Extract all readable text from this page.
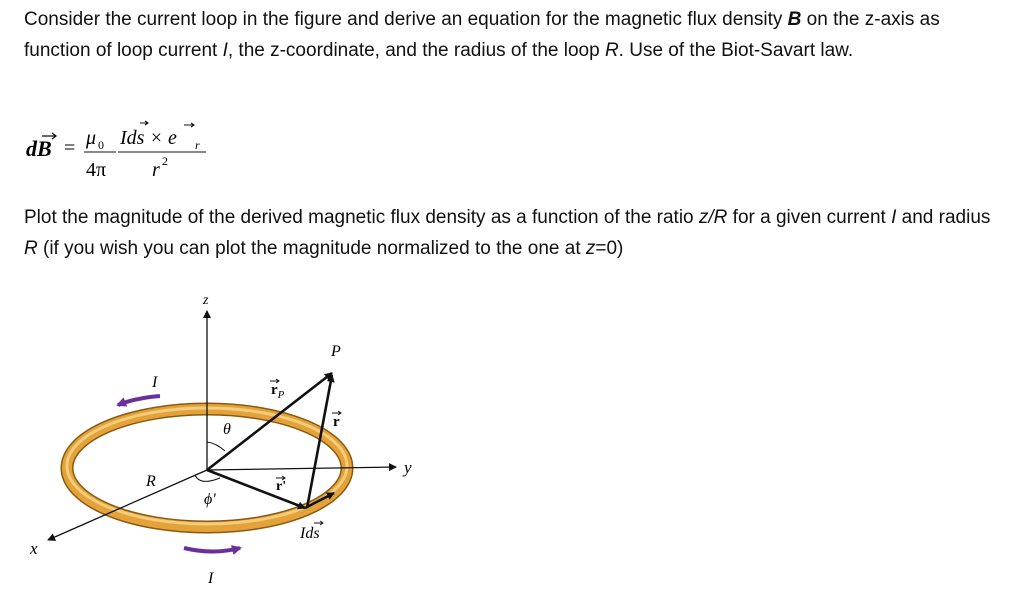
Consider the current loop in the figure and derive an equation for the magnetic flux density B on the z-axis as function of loop current I, the z-coordinate, and the radius of the loop R. Use of the Biot-Savart law.

dB = μ 0
4π
Ids × e r
r 2

Plot the magnitude of the derived magnetic flux density as a function of the ratio z/R for a given current I and radius R (if you wish you can plot the magnitude normalized to the one at z=0)

z
y
x
P
I
I
R
θ
ϕ'
$r_P$
r
r'
Ids
